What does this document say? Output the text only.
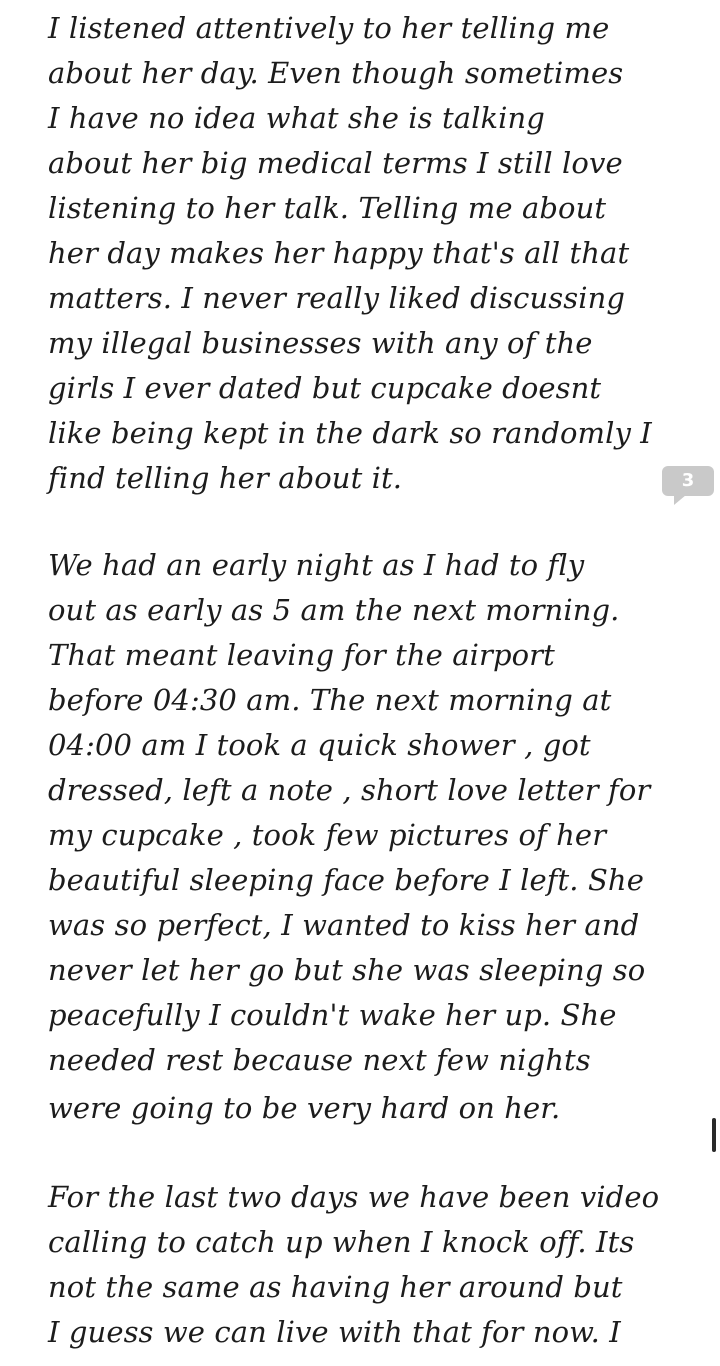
I listened attentively to her telling me
about her day. Even though sometimes
I have no idea what she is talking
about her big medical terms I still love
listening to her talk. Telling me about
her day makes her happy that's all that
matters. I never really liked discussing
my illegal businesses with any of the
girls I ever dated but cupcake doesnt
like being kept in the dark so randomly I
find telling her about it.	3
We had an early night as I had to fly
out as early as 5 am the next morning.
That meant leaving for the airport
before 04:30 am. The next morning at
04:00 am I took a quick shower , got
dressed, left a note , short love letter for
my cupcake , took few pictures of her
beautiful sleeping face before I left. She
was so perfect, I wanted to kiss her and
never let her go but she was sleeping so
peacefully I couldn't wake her up. She
needed rest because next few nights
were going to be very hard on her.
For the last two days we have been video
calling to catch up when I knock off. Its
not the same as having her around but
I guess we can live with that for now. I
